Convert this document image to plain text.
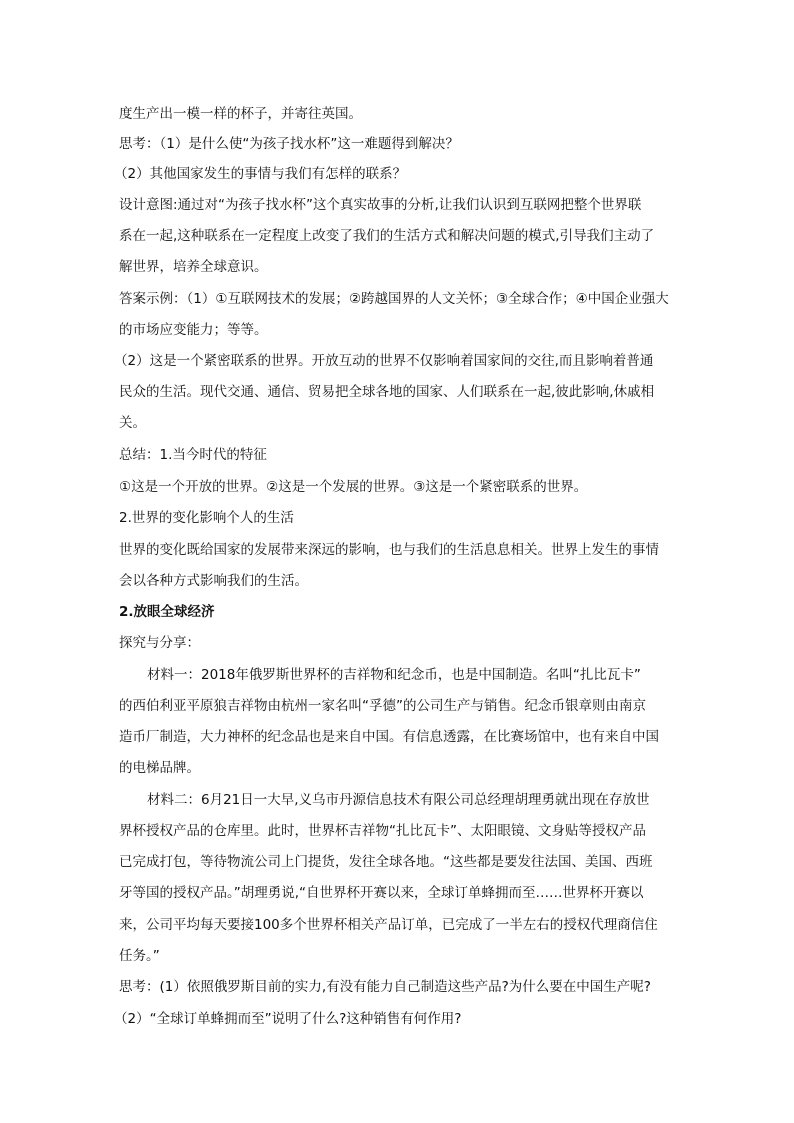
度生产出一模一样的杯子，并寄往英国。
思考：（1）是什么使“为孩子找水杯”这一难题得到解决？
（2）其他国家发生的事情与我们有怎样的联系？
设计意图:通过对“为孩子找水杯”这个真实故事的分析,让我们认识到互联网把整个世界联
系在一起,这种联系在一定程度上改变了我们的生活方式和解决问题的模式,引导我们主动了
解世界，培养全球意识。
答案示例：（1）①互联网技术的发展；②跨越国界的人文关怀；③全球合作；④中国企业强大
的市场应变能力；等等。
（2）这是一个紧密联系的世界。开放互动的世界不仅影响着国家间的交往,而且影响着普通
民众的生活。现代交通、通信、贸易把全球各地的国家、人们联系在一起,彼此影响,休戚相
关。
总结：1.当今时代的特征
①这是一个开放的世界。②这是一个发展的世界。③这是一个紧密联系的世界。
2.世界的变化影响个人的生活
世界的变化既给国家的发展带来深远的影响，也与我们的生活息息相关。世界上发生的事情
会以各种方式影响我们的生活。
2.放眼全球经济
探究与分享：
材料一：2018年俄罗斯世界杯的吉祥物和纪念币，也是中国制造。名叫“扎比瓦卡”
的西伯利亚平原狼吉祥物由杭州一家名叫“孚德”的公司生产与销售。纪念币银章则由南京
造币厂制造，大力神杯的纪念品也是来自中国。有信息透露，在比赛场馆中，也有来自中国
的电梯品牌。
材料二：6月21日一大早,义乌市丹源信息技术有限公司总经理胡理勇就出现在存放世
界杯授权产品的仓库里。此时，世界杯吉祥物“扎比瓦卡”、太阳眼镜、文身贴等授权产品
已完成打包，等待物流公司上门提货，发往全球各地。“这些都是要发往法国、美国、西班
牙等国的授权产品。”胡理勇说,“自世界杯开赛以来，全球订单蜂拥而至……世界杯开赛以
来，公司平均每天要接100多个世界杯相关产品订单，已完成了一半左右的授权代理商信住
任务。”
思考：(1）依照俄罗斯目前的实力,有没有能力自己制造这些产品?为什么要在中国生产呢?
（2）“全球订单蜂拥而至”说明了什么?这种销售有何作用?
